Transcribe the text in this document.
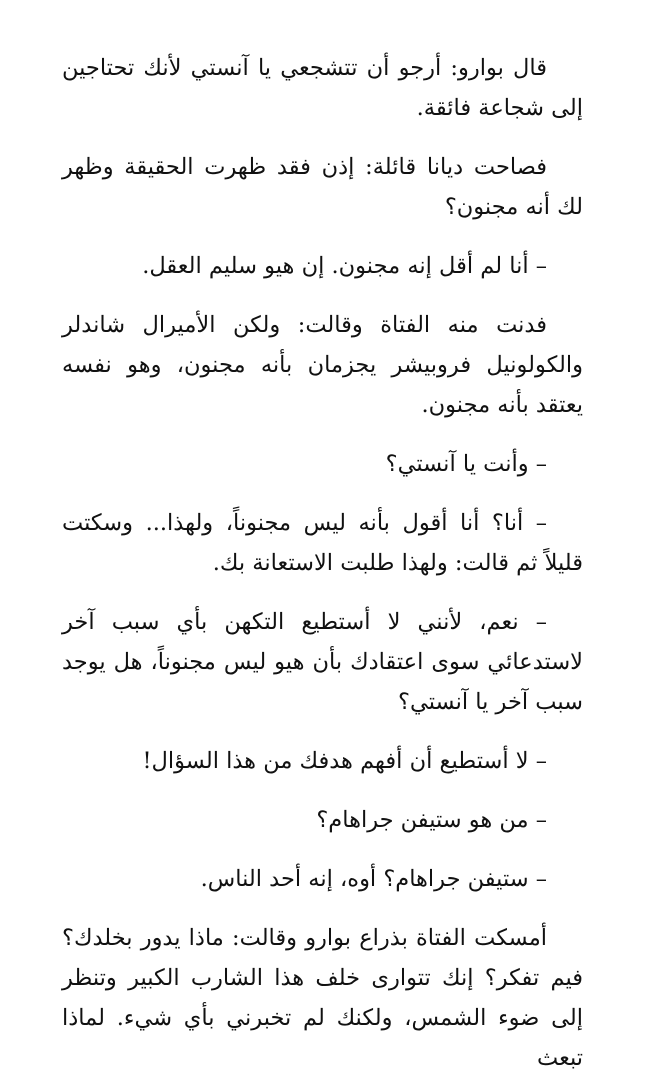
قال بوارو: أرجو أن تتشجعي يا آنستي لأنك تحتاجين إلى شجاعة فائقة.

فصاحت ديانا قائلة: إذن فقد ظهرت الحقيقة وظهر لك أنه مجنون؟

– أنا لم أقل إنه مجنون. إن هيو سليم العقل.

فدنت منه الفتاة وقالت: ولكن الأميرال شاندلر والكولونيل فروبيشر يجزمان بأنه مجنون، وهو نفسه يعتقد بأنه مجنون.

– وأنت يا آنستي؟

– أنا؟ أنا أقول بأنه ليس مجنوناً، ولهذا... وسكتت قليلاً ثم قالت: ولهذا طلبت الاستعانة بك.

– نعم، لأنني لا أستطيع التكهن بأي سبب آخر لاستدعائي سوى اعتقادك بأن هيو ليس مجنوناً، هل يوجد سبب آخر يا آنستي؟

– لا أستطيع أن أفهم هدفك من هذا السؤال!

– من هو ستيفن جراهام؟

– ستيفن جراهام؟ أوه، إنه أحد الناس.

أمسكت الفتاة بذراع بوارو وقالت: ماذا يدور بخلدك؟ فيم تفكر؟ إنك تتوارى خلف هذا الشارب الكبير وتنظر إلى ضوء الشمس، ولكنك لم تخبرني بأي شيء. لماذا تبعث
